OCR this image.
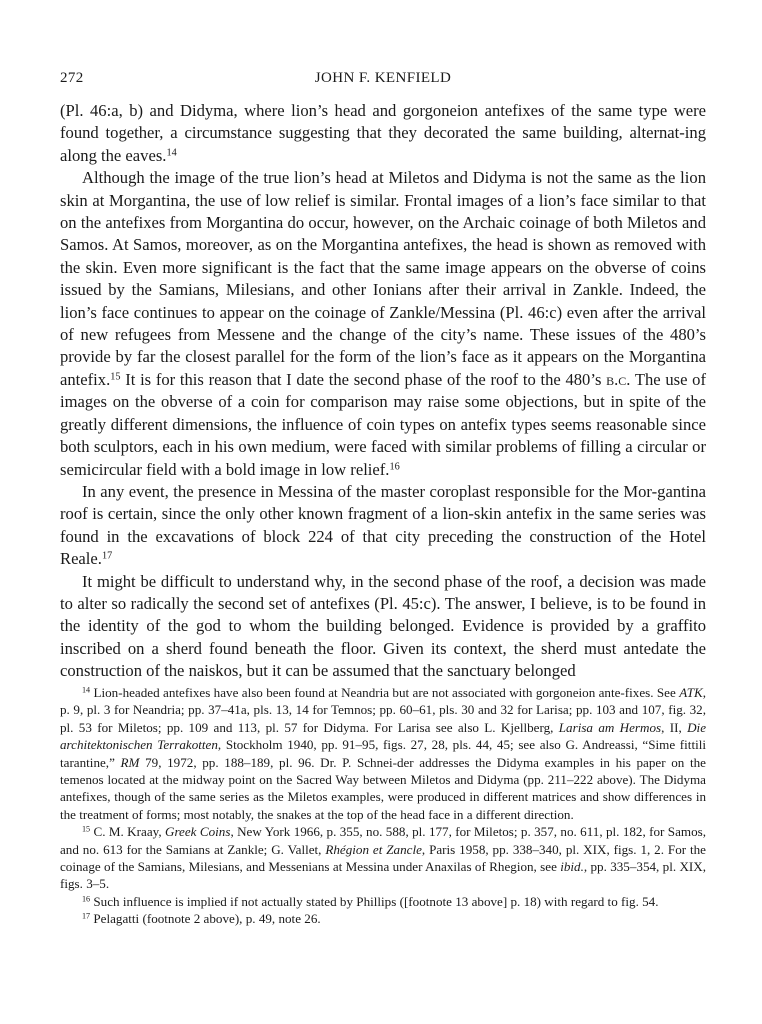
272	JOHN F. KENFIELD

(Pl. 46:a, b) and Didyma, where lion’s head and gorgoneion antefixes of the same type were found together, a circumstance suggesting that they decorated the same building, alternat-ing along the eaves.$^{14}$

Although the image of the true lion’s head at Miletos and Didyma is not the same as the lion skin at Morgantina, the use of low relief is similar. Frontal images of a lion’s face similar to that on the antefixes from Morgantina do occur, however, on the Archaic coinage of both Miletos and Samos. At Samos, moreover, as on the Morgantina antefixes, the head is shown as removed with the skin. Even more significant is the fact that the same image appears on the obverse of coins issued by the Samians, Milesians, and other Ionians after their arrival in Zankle. Indeed, the lion’s face continues to appear on the coinage of Zankle/Messina (Pl. 46:c) even after the arrival of new refugees from Messene and the change of the city’s name. These issues of the 480’s provide by far the closest parallel for the form of the lion’s face as it appears on the Morgantina antefix.$^{15}$ It is for this reason that I date the second phase of the roof to the 480’s b.c. The use of images on the obverse of a coin for comparison may raise some objections, but in spite of the greatly different dimensions, the influence of coin types on antefix types seems reasonable since both sculptors, each in his own medium, were faced with similar problems of filling a circular or semicircular field with a bold image in low relief.$^{16}$

In any event, the presence in Messina of the master coroplast responsible for the Mor-gantina roof is certain, since the only other known fragment of a lion-skin antefix in the same series was found in the excavations of block 224 of that city preceding the construction of the Hotel Reale.$^{17}$

It might be difficult to understand why, in the second phase of the roof, a decision was made to alter so radically the second set of antefixes (Pl. 45:c). The answer, I believe, is to be found in the identity of the god to whom the building belonged. Evidence is provided by a graffito inscribed on a sherd found beneath the floor. Given its context, the sherd must antedate the construction of the naiskos, but it can be assumed that the sanctuary belonged

$^{14}$ Lion-headed antefixes have also been found at Neandria but are not associated with gorgoneion ante-fixes. See ATK, p. 9, pl. 3 for Neandria; pp. 37–41a, pls. 13, 14 for Temnos; pp. 60–61, pls. 30 and 32 for Larisa; pp. 103 and 107, fig. 32, pl. 53 for Miletos; pp. 109 and 113, pl. 57 for Didyma. For Larisa see also L. Kjellberg, Larisa am Hermos, II, Die architektonischen Terrakotten, Stockholm 1940, pp. 91–95, figs. 27, 28, pls. 44, 45; see also G. Andreassi, “Sime fittili tarantine,” RM 79, 1972, pp. 188–189, pl. 96. Dr. P. Schnei-der addresses the Didyma examples in his paper on the temenos located at the midway point on the Sacred Way between Miletos and Didyma (pp. 211–222 above). The Didyma antefixes, though of the same series as the Miletos examples, were produced in different matrices and show differences in the treatment of forms; most notably, the snakes at the top of the head face in a different direction.

$^{15}$ C. M. Kraay, Greek Coins, New York 1966, p. 355, no. 588, pl. 177, for Miletos; p. 357, no. 611, pl. 182, for Samos, and no. 613 for the Samians at Zankle; G. Vallet, Rhégion et Zancle, Paris 1958, pp. 338–340, pl. XIX, figs. 1, 2. For the coinage of the Samians, Milesians, and Messenians at Messina under Anaxilas of Rhegion, see ibid., pp. 335–354, pl. XIX, figs. 3–5.

$^{16}$ Such influence is implied if not actually stated by Phillips ([footnote 13 above] p. 18) with regard to fig. 54.

$^{17}$ Pelagatti (footnote 2 above), p. 49, note 26.
